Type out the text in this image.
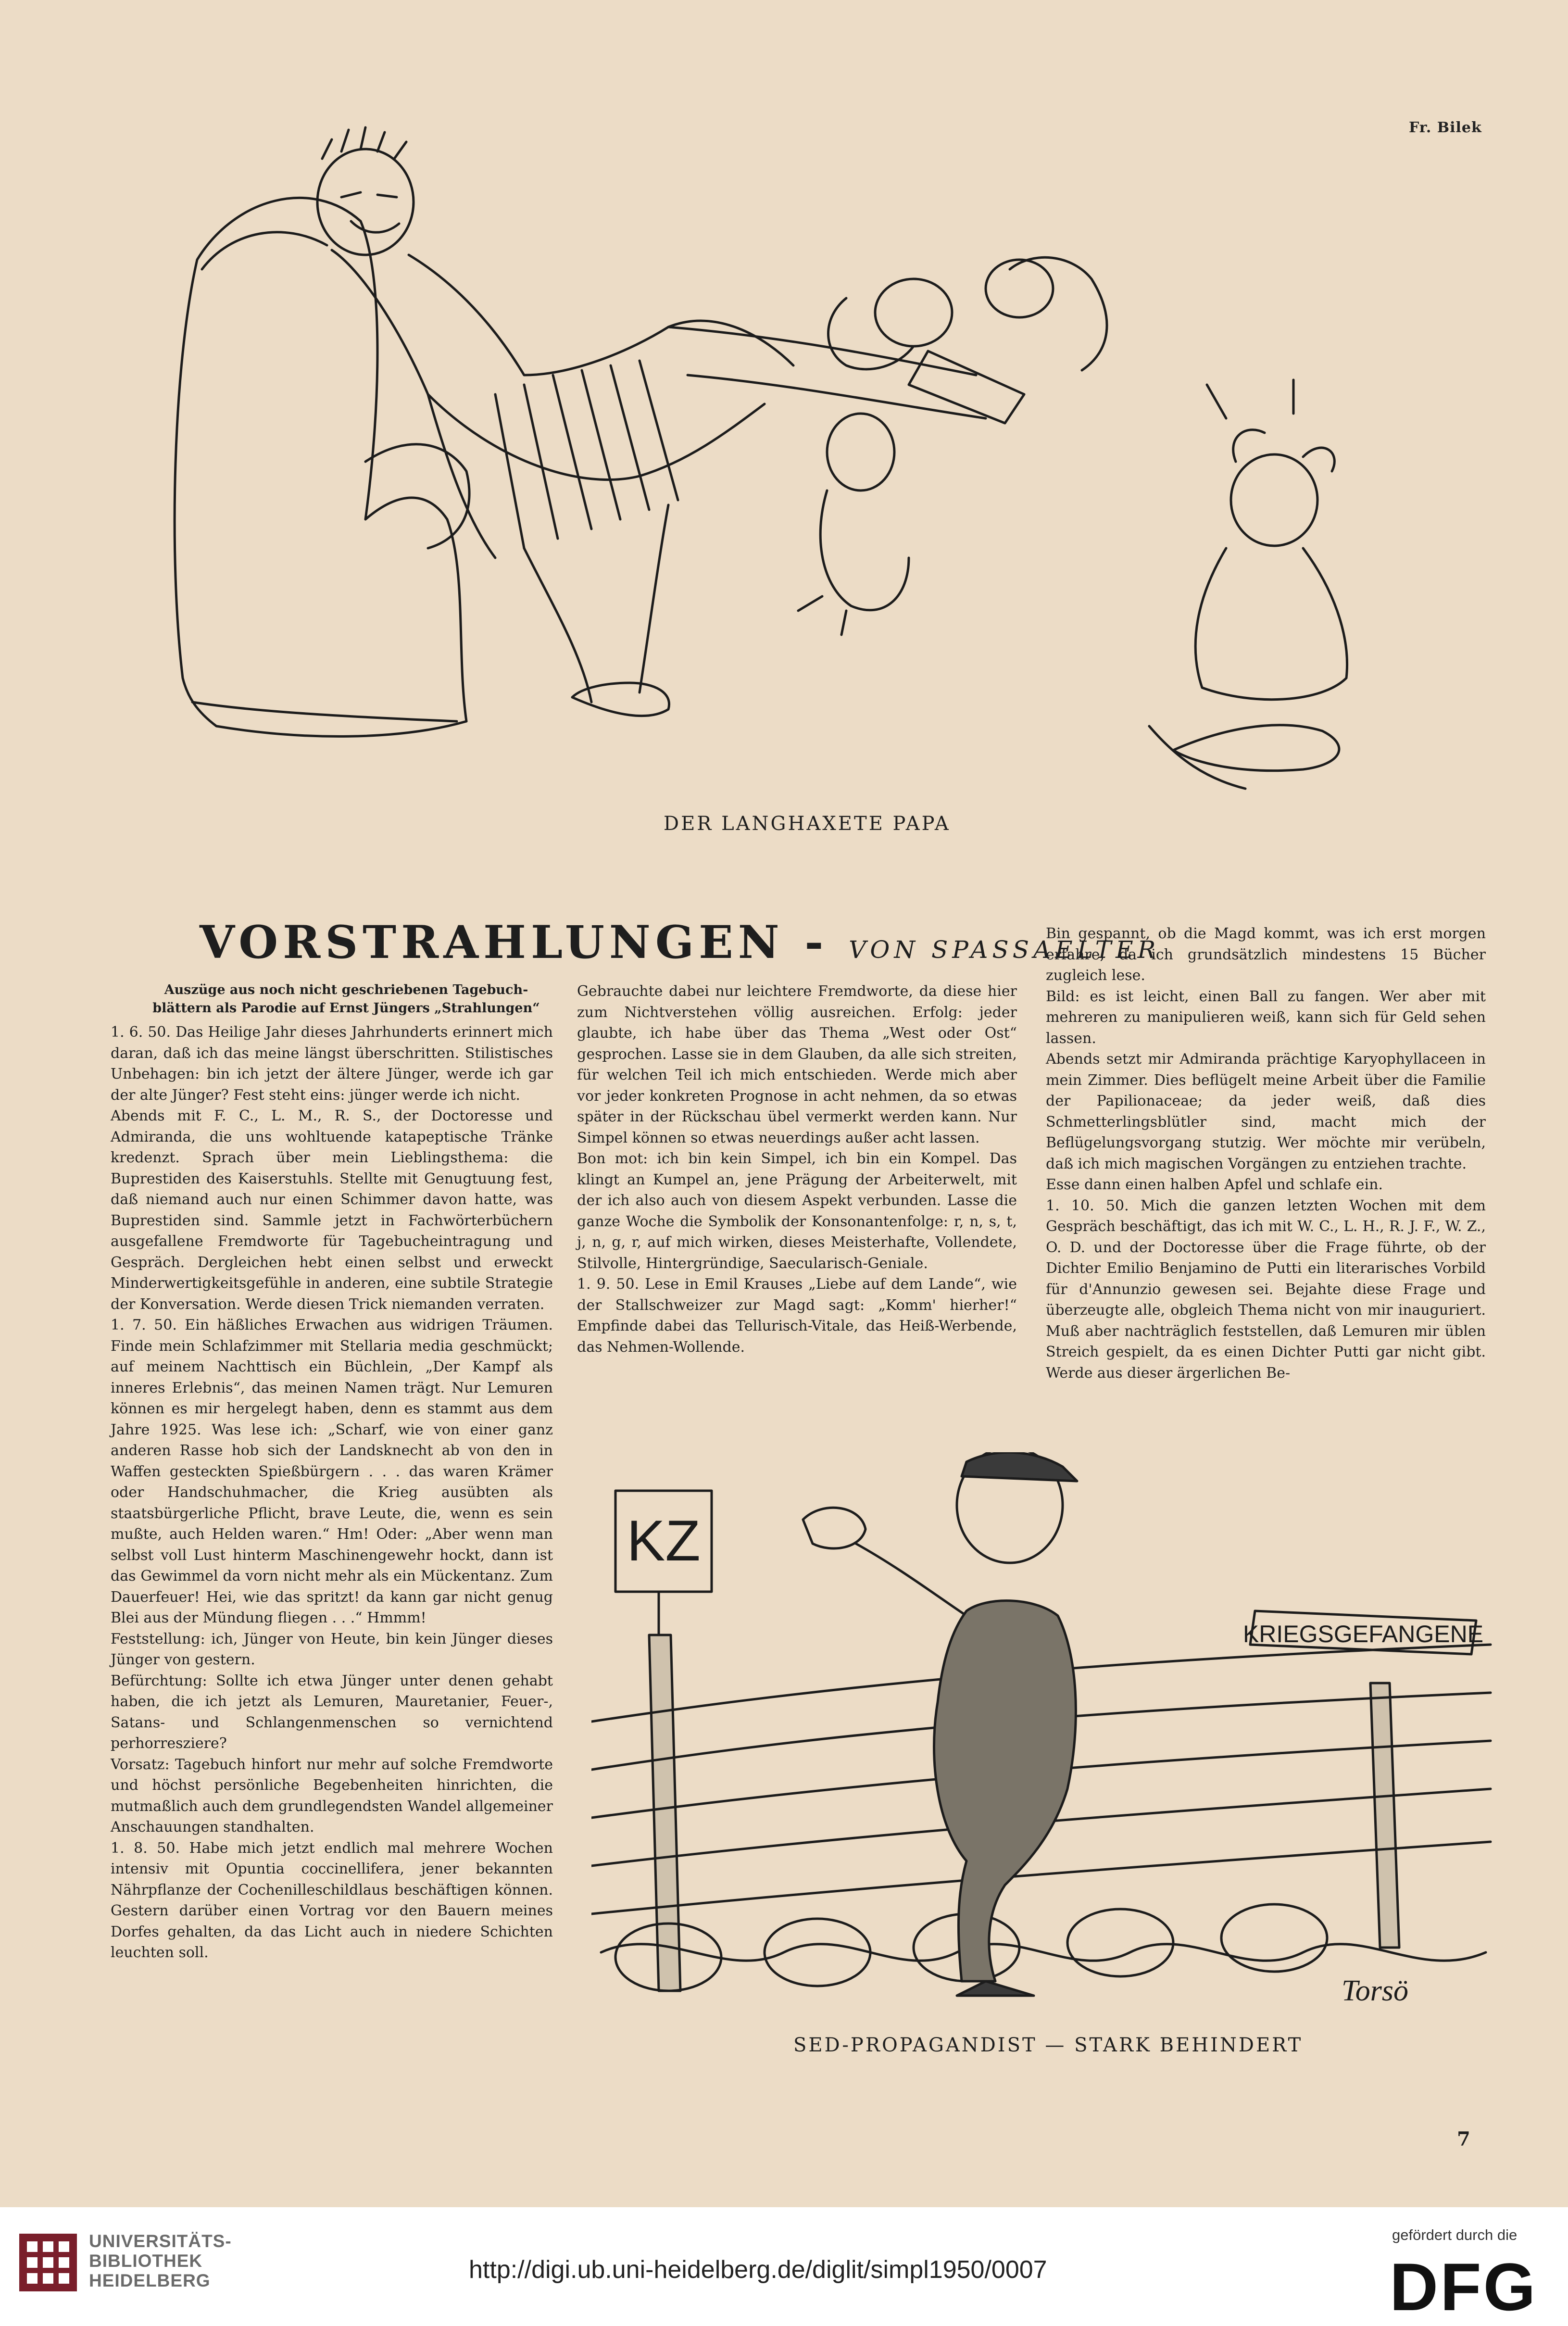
Fr. Bilek
DER LANGHAXETE PAPA
VORSTRAHLUNGEN - VON SPASSAELTER
Auszüge aus noch nicht geschriebenen Tagebuch-
blättern als Parodie auf Ernst Jüngers „Strahlungen“

1. 6. 50. Das Heilige Jahr dieses Jahrhunderts erinnert mich daran, daß ich das meine längst überschritten. Stilistisches Unbehagen: bin ich jetzt der ältere Jünger, werde ich gar der alte Jünger? Fest steht eins: jünger werde ich nicht.

Abends mit F. C., L. M., R. S., der Doctoresse und Admiranda, die uns wohltuende katapeptische Tränke kredenzt. Sprach über mein Lieblingsthema: die Buprestiden des Kaiserstuhls. Stellte mit Genugtuung fest, daß niemand auch nur einen Schimmer davon hatte, was Buprestiden sind. Sammle jetzt in Fachwörterbüchern ausgefallene Fremdworte für Tagebucheintragung und Gespräch. Dergleichen hebt einen selbst und erweckt Minderwertigkeitsgefühle in anderen, eine subtile Strategie der Konversation. Werde diesen Trick niemanden verraten.

1. 7. 50. Ein häßliches Erwachen aus widrigen Träumen. Finde mein Schlafzimmer mit Stellaria media geschmückt; auf meinem Nachttisch ein Büchlein, „Der Kampf als inneres Erlebnis“, das meinen Namen trägt. Nur Lemuren können es mir hergelegt haben, denn es stammt aus dem Jahre 1925. Was lese ich: „Scharf, wie von einer ganz anderen Rasse hob sich der Landsknecht ab von den in Waffen gesteckten Spießbürgern . . . das waren Krämer oder Handschuhmacher, die Krieg ausübten als staatsbürgerliche Pflicht, brave Leute, die, wenn es sein mußte, auch Helden waren.“ Hm! Oder: „Aber wenn man selbst voll Lust hinterm Maschinengewehr hockt, dann ist das Gewimmel da vorn nicht mehr als ein Mückentanz. Zum Dauerfeuer! Hei, wie das spritzt! da kann gar nicht genug Blei aus der Mündung fliegen . . .“ Hmmm!

Feststellung: ich, Jünger von Heute, bin kein Jünger dieses Jünger von gestern.

Befürchtung: Sollte ich etwa Jünger unter denen gehabt haben, die ich jetzt als Lemuren, Mauretanier, Feuer-, Satans- und Schlangenmenschen so vernichtend perhorresziere?

Vorsatz: Tagebuch hinfort nur mehr auf solche Fremdworte und höchst persönliche Begebenheiten hinrichten, die mutmaßlich auch dem grundlegendsten Wandel allgemeiner Anschauungen standhalten.

1. 8. 50. Habe mich jetzt endlich mal mehrere Wochen intensiv mit Opuntia coccinellifera, jener bekannten Nährpflanze der Cochenilleschildlaus beschäftigen können. Gestern darüber einen Vortrag vor den Bauern meines Dorfes gehalten, da das Licht auch in niedere Schichten leuchten soll.

Gebrauchte dabei nur leichtere Fremdworte, da diese hier zum Nichtverstehen völlig ausreichen. Erfolg: jeder glaubte, ich habe über das Thema „West oder Ost“ gesprochen. Lasse sie in dem Glauben, da alle sich streiten, für welchen Teil ich mich entschieden. Werde mich aber vor jeder konkreten Prognose in acht nehmen, da so etwas später in der Rückschau übel vermerkt werden kann. Nur Simpel können so etwas neuerdings außer acht lassen.

Bon mot: ich bin kein Simpel, ich bin ein Kompel. Das klingt an Kumpel an, jene Prägung der Arbeiterwelt, mit der ich also auch von diesem Aspekt verbunden. Lasse die ganze Woche die Symbolik der Konsonantenfolge: r, n, s, t, j, n, g, r, auf mich wirken, dieses Meisterhafte, Vollendete, Stilvolle, Hintergründige, Saecularisch-Geniale.

1. 9. 50. Lese in Emil Krauses „Liebe auf dem Lande“, wie der Stallschweizer zur Magd sagt: „Komm' hierher!“ Empfinde dabei das Tellurisch-Vitale, das Heiß-Werbende, das Nehmen-Wollende.

Bin gespannt, ob die Magd kommt, was ich erst morgen erfahre, da ich grundsätzlich mindestens 15 Bücher zugleich lese.

Bild: es ist leicht, einen Ball zu fangen. Wer aber mit mehreren zu manipulieren weiß, kann sich für Geld sehen lassen.

Abends setzt mir Admiranda prächtige Karyophyllaceen in mein Zimmer. Dies beflügelt meine Arbeit über die Familie der Papilionaceae; da jeder weiß, daß dies Schmetterlingsblütler sind, macht mich der Beflügelungsvorgang stutzig. Wer möchte mir verübeln, daß ich mich magischen Vorgängen zu entziehen trachte.

Esse dann einen halben Apfel und schlafe ein.

1. 10. 50. Mich die ganzen letzten Wochen mit dem Gespräch beschäftigt, das ich mit W. C., L. H., R. J. F., W. Z., O. D. und der Doctoresse über die Frage führte, ob der Dichter Emilio Benjamino de Putti ein literarisches Vorbild für d'Annunzio gewesen sei. Bejahte diese Frage und überzeugte alle, obgleich Thema nicht von mir inauguriert. Muß aber nachträglich feststellen, daß Lemuren mir üblen Streich gespielt, da es einen Dichter Putti gar nicht gibt. Werde aus dieser ärgerlichen Be-

KZ
KRIEGSGEFANGENE
Torsö
SED-PROPAGANDIST — STARK BEHINDERT
7
UNIVERSITÄTS-
BIBLIOTHEK
HEIDELBERG	http://digi.ub.uni-heidelberg.de/diglit/simpl1950/0007
gefördert durch die
DFG
